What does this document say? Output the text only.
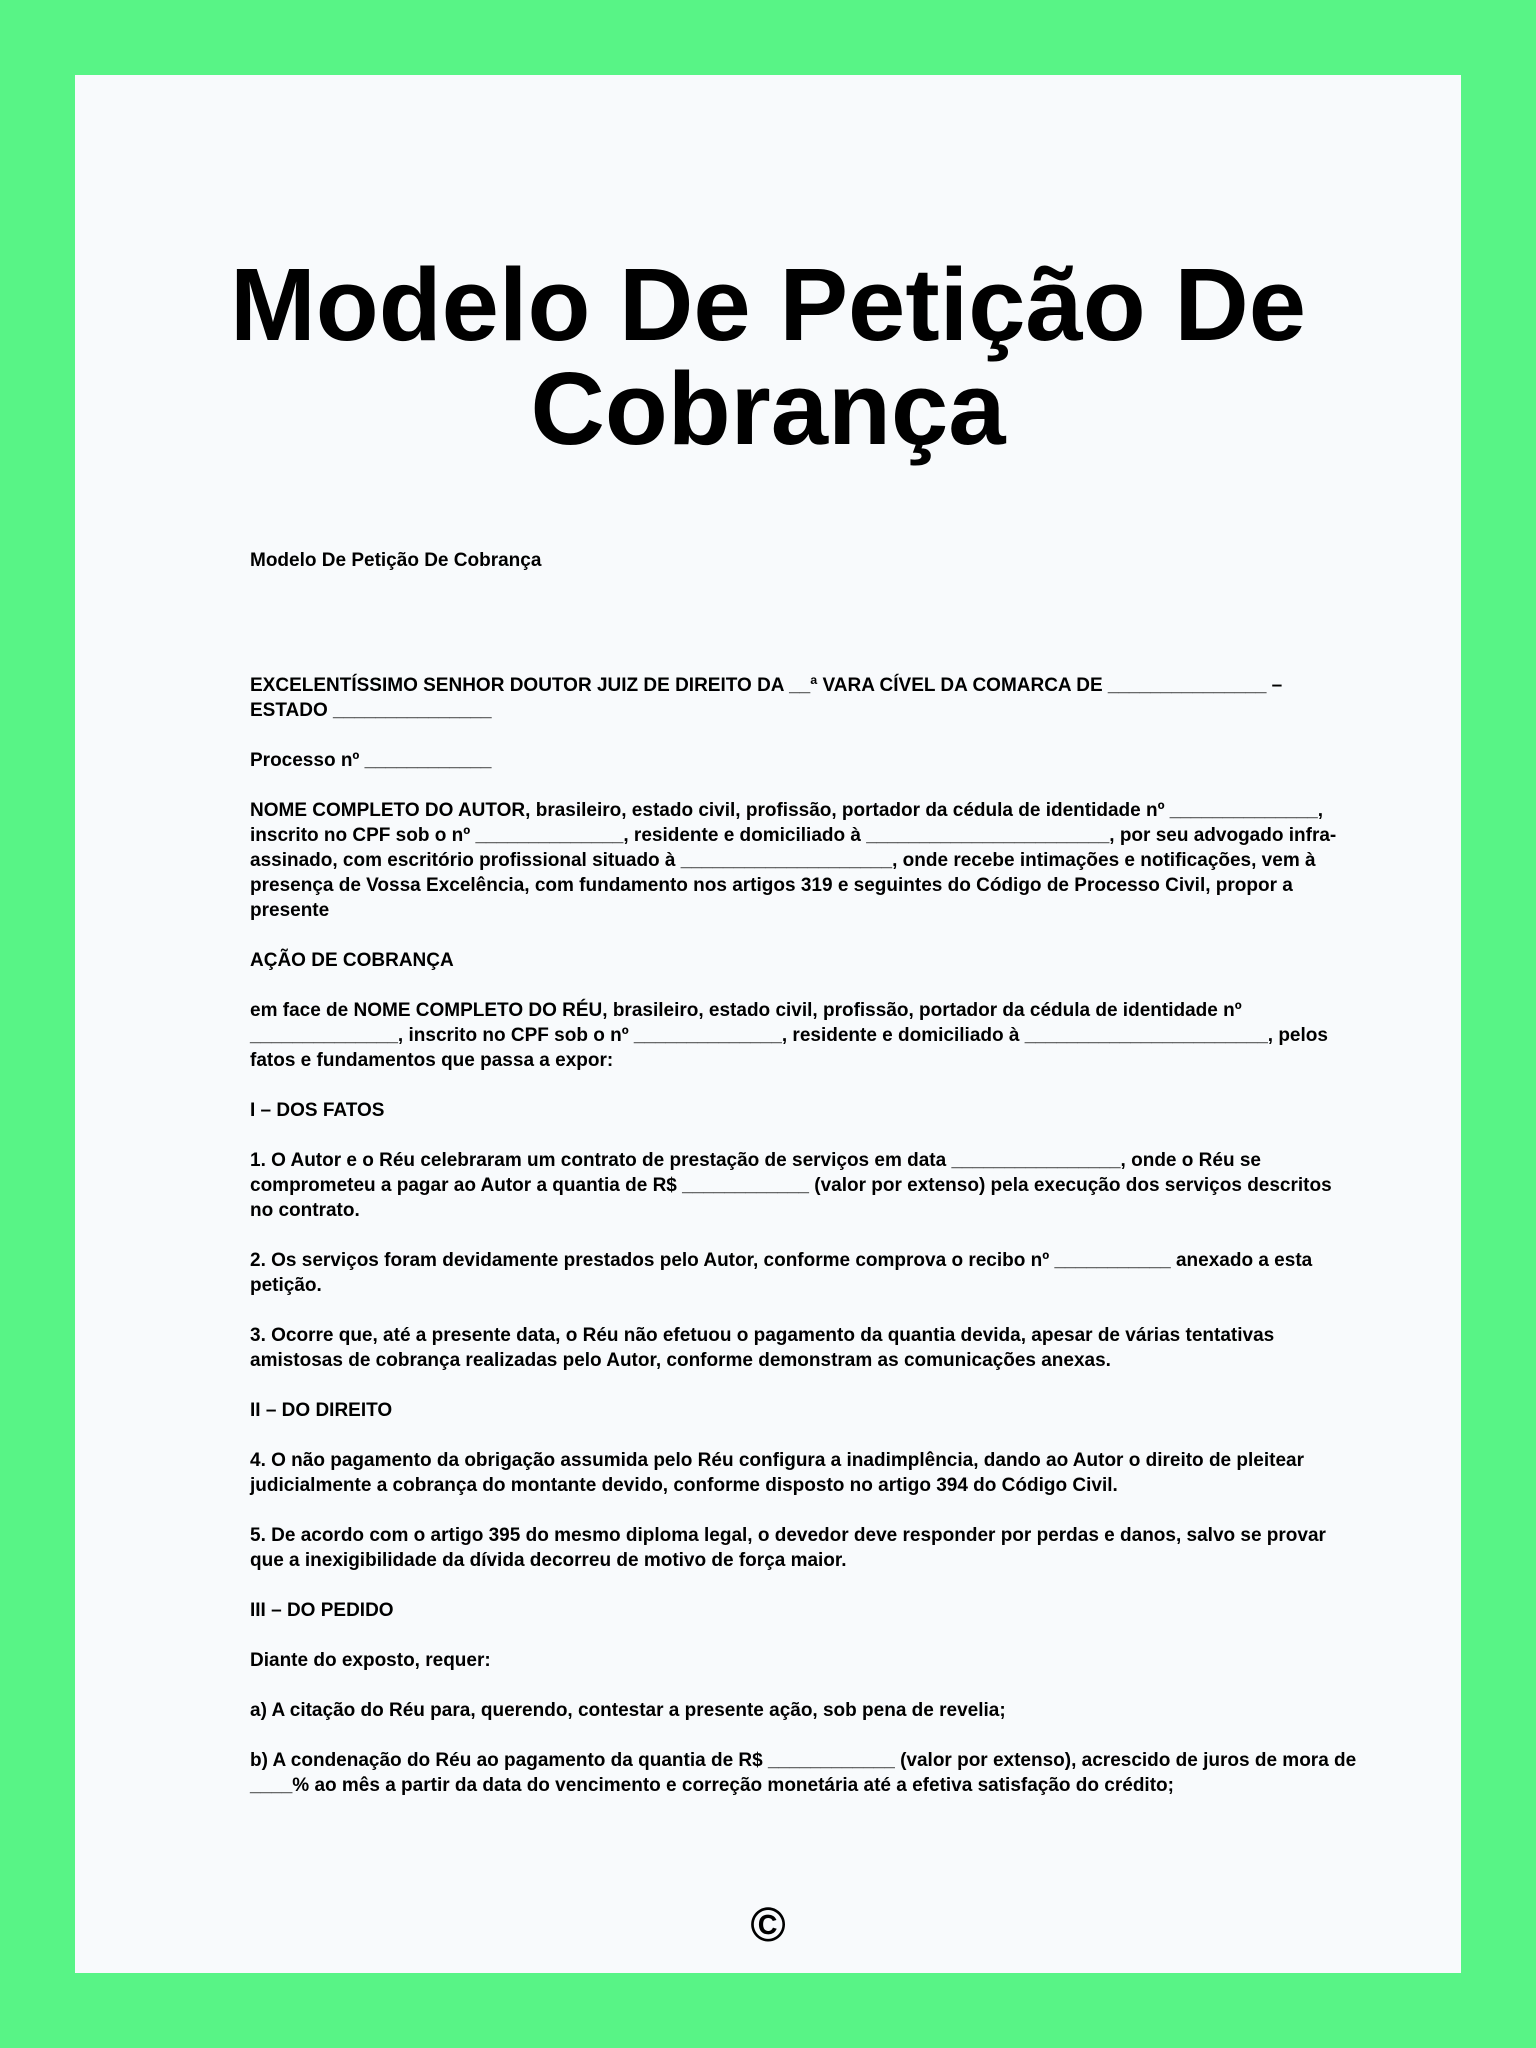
Modelo De Petição De Cobrança

Modelo De Petição De Cobrança

EXCELENTÍSSIMO SENHOR DOUTOR JUIZ DE DIREITO DA __ª VARA CÍVEL DA COMARCA DE _______________ – ESTADO _______________

Processo nº ____________

NOME COMPLETO DO AUTOR, brasileiro, estado civil, profissão, portador da cédula de identidade nº ______________, inscrito no CPF sob o nº ______________, residente e domiciliado à _______________________, por seu advogado infra-assinado, com escritório profissional situado à ____________________, onde recebe intimações e notificações, vem à presença de Vossa Excelência, com fundamento nos artigos 319 e seguintes do Código de Processo Civil, propor a presente

AÇÃO DE COBRANÇA

em face de NOME COMPLETO DO RÉU, brasileiro, estado civil, profissão, portador da cédula de identidade nº ______________, inscrito no CPF sob o nº ______________, residente e domiciliado à _______________________, pelos fatos e fundamentos que passa a expor:

I – DOS FATOS

1. O Autor e o Réu celebraram um contrato de prestação de serviços em data ________________, onde o Réu se comprometeu a pagar ao Autor a quantia de R$ ____________ (valor por extenso) pela execução dos serviços descritos no contrato.

2. Os serviços foram devidamente prestados pelo Autor, conforme comprova o recibo nº ___________ anexado a esta petição.

3. Ocorre que, até a presente data, o Réu não efetuou o pagamento da quantia devida, apesar de várias tentativas amistosas de cobrança realizadas pelo Autor, conforme demonstram as comunicações anexas.

II – DO DIREITO

4. O não pagamento da obrigação assumida pelo Réu configura a inadimplência, dando ao Autor o direito de pleitear judicialmente a cobrança do montante devido, conforme disposto no artigo 394 do Código Civil.

5. De acordo com o artigo 395 do mesmo diploma legal, o devedor deve responder por perdas e danos, salvo se provar que a inexigibilidade da dívida decorreu de motivo de força maior.

III – DO PEDIDO

Diante do exposto, requer:

a) A citação do Réu para, querendo, contestar a presente ação, sob pena de revelia;

b) A condenação do Réu ao pagamento da quantia de R$ ____________ (valor por extenso), acrescido de juros de mora de ____% ao mês a partir da data do vencimento e correção monetária até a efetiva satisfação do crédito;

©
